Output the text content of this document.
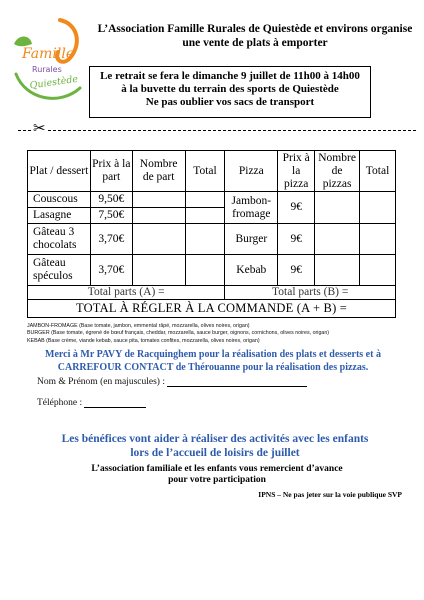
Famille
Rurales
Quiestède
L’Association Famille Rurales de Quiestède et environs organise
une vente de plats à emporter
Le retrait se fera le dimanche 9 juillet de 11h00 à 14h00
à la buvette du terrain des sports de Quiestède
Ne pas oublier vos sacs de transport
✂
Plat / dessert	Prix à la part	Nombre de part	Total	Pizza	Prix à la pizza	Nombre de pizzas	Total
Couscous	9,50€			Jambon-fromage	9€		
Lasagne	7,50€						
Gâteau 3 chocolats	3,70€			Burger	9€		
Gâteau spéculos	3,70€			Kebab	9€		
Total parts (A) =				Total parts (B) =			
TOTAL À RÉGLER À LA COMMANDE (A + B) =							
JAMBON-FROMAGE (Base tomate, jambon, emmental râpé, mozzarella, olives noires, origan)
BURGER (Base tomate, égrené de bœuf français, cheddar, mozzarella, sauce burger, oignons, cornichons, olives noires, origan)
KEBAB (Base crème, viande kebab, sauce pita, tomates confites, mozzarella, olives noires, origan)
Merci à Mr PAVY de Racquinghem pour la réalisation des plats et desserts et à
CARREFOUR CONTACT de Thérouanne pour la réalisation des pizzas.
Nom & Prénom (en majuscules) :
Téléphone :
Les bénéfices vont aider à réaliser des activités avec les enfants
lors de l’accueil de loisirs de juillet
L’association familiale et les enfants vous remercient d’avance
pour votre participation
IPNS – Ne pas jeter sur la voie publique SVP
